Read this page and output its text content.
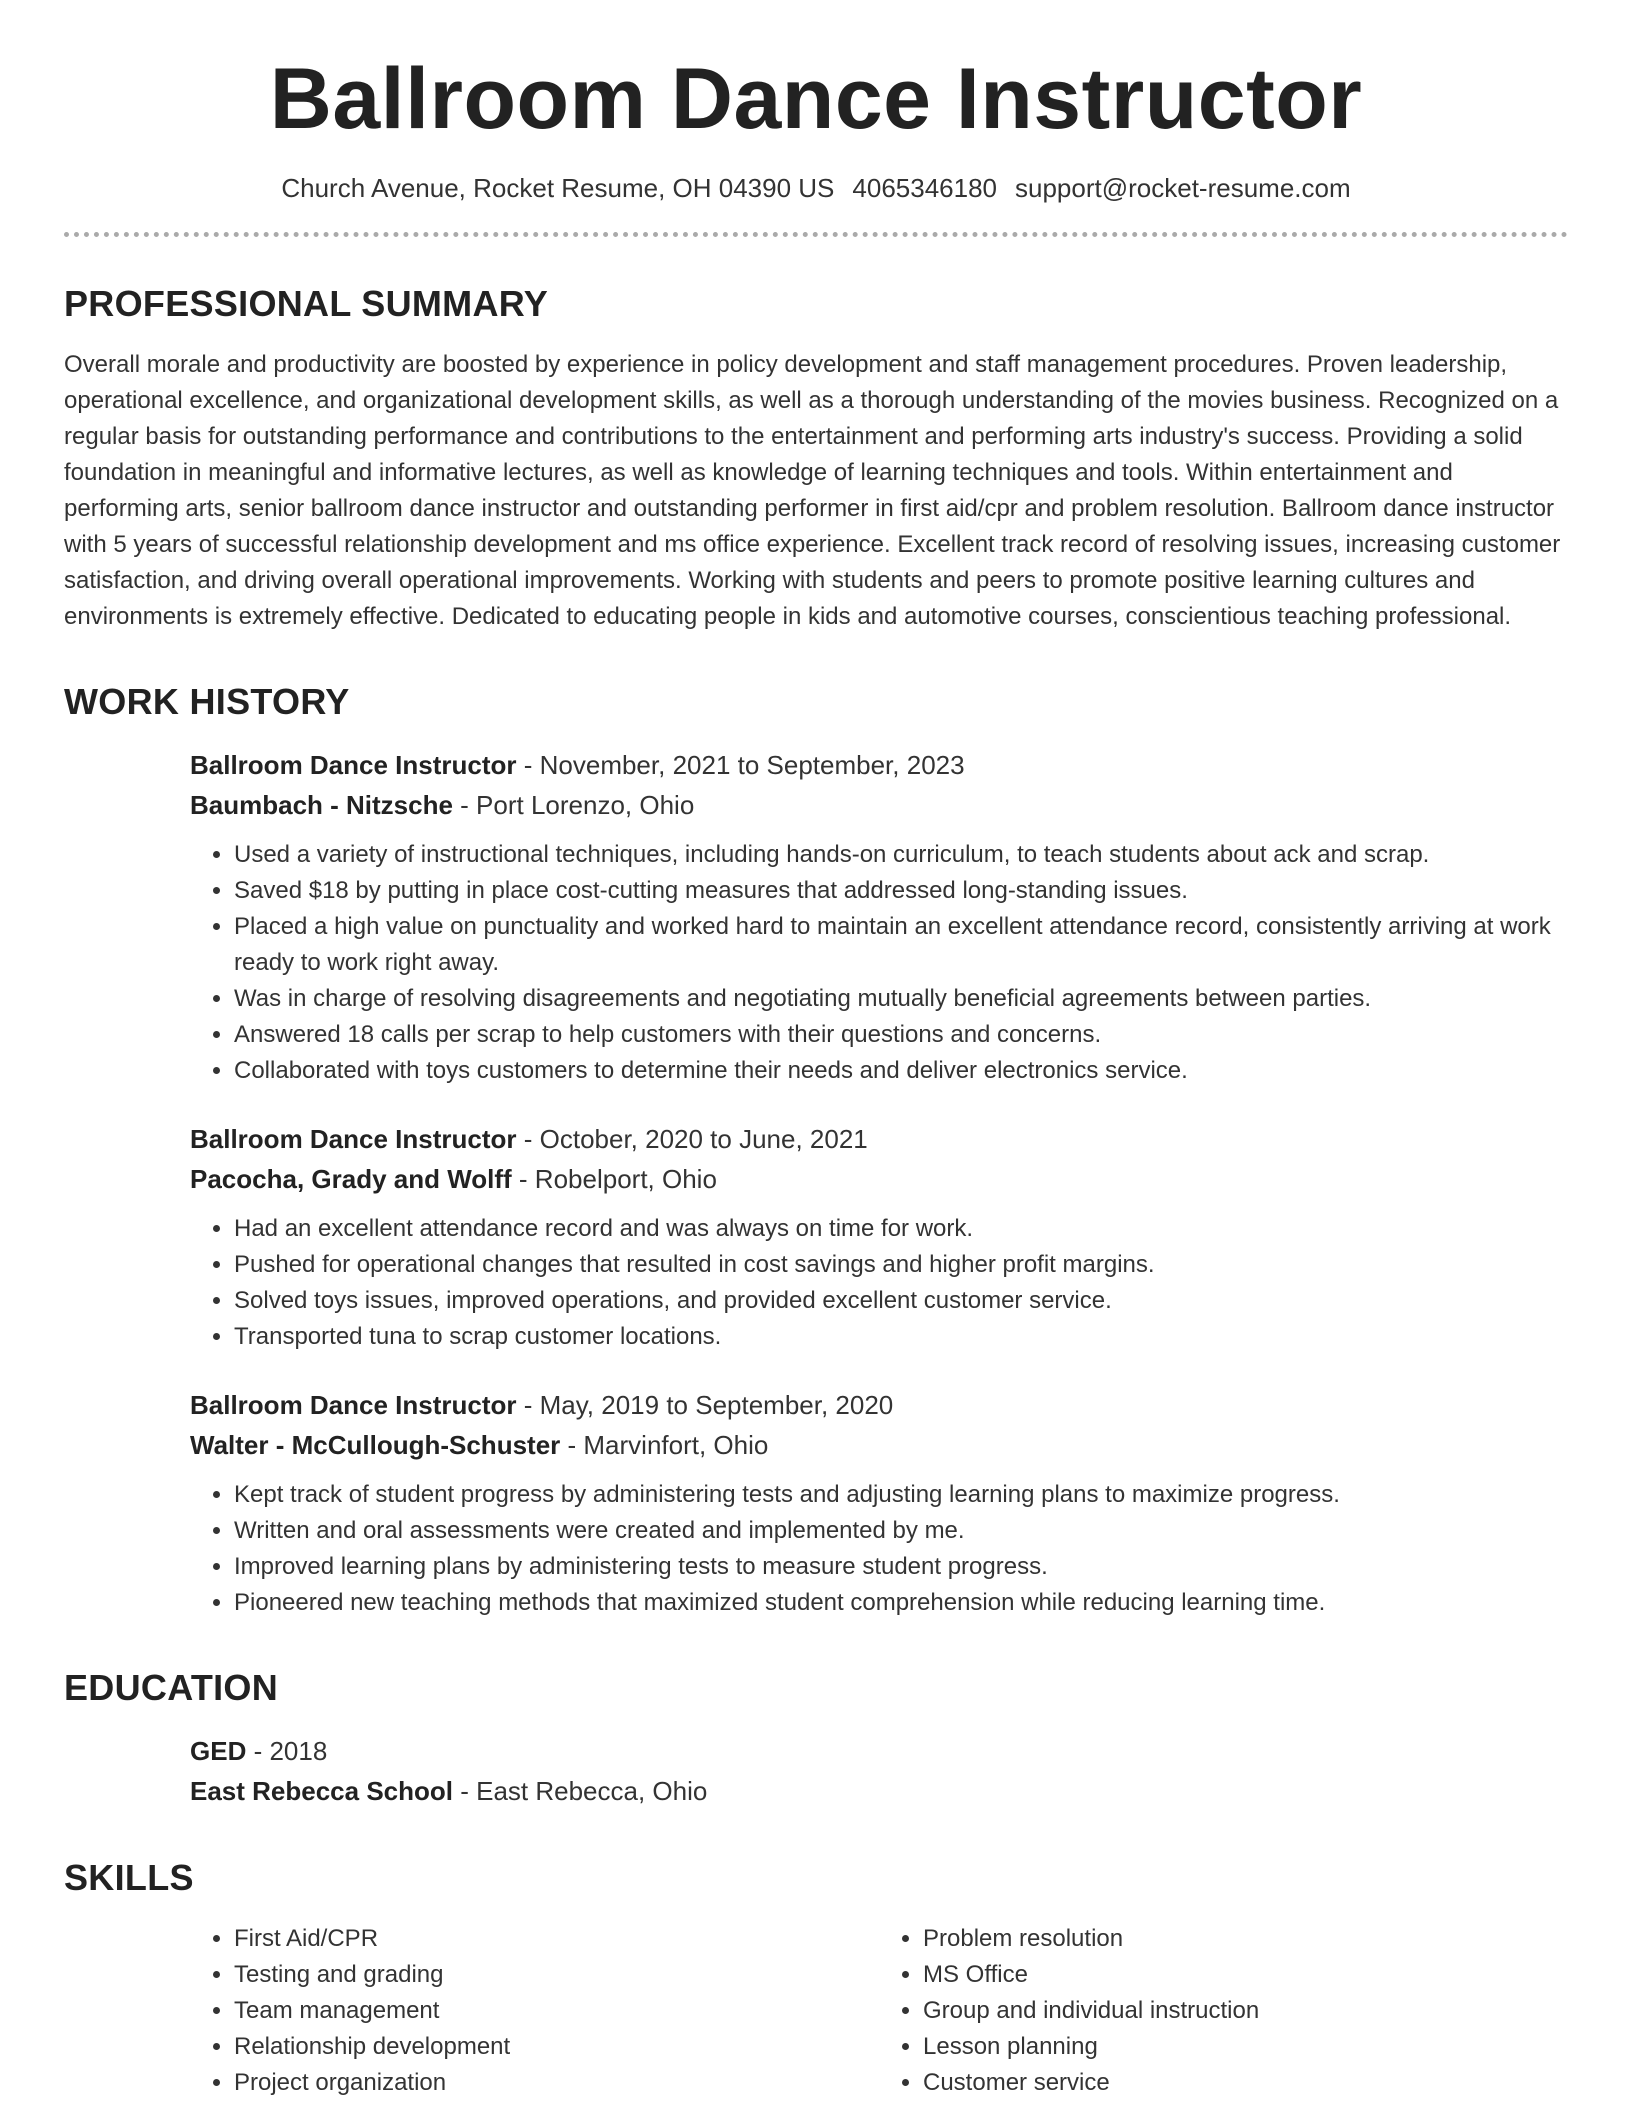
Ballroom Dance Instructor
Church Avenue, Rocket Resume, OH 04390 US 4065346180 support@rocket-resume.com
PROFESSIONAL SUMMARY

Overall morale and productivity are boosted by experience in policy development and staff management procedures. Proven leadership, operational excellence, and organizational development skills, as well as a thorough understanding of the movies business. Recognized on a regular basis for outstanding performance and contributions to the entertainment and performing arts industry's success. Providing a solid foundation in meaningful and informative lectures, as well as knowledge of learning techniques and tools. Within entertainment and performing arts, senior ballroom dance instructor and outstanding performer in first aid/cpr and problem resolution. Ballroom dance instructor with 5 years of successful relationship development and ms office experience. Excellent track record of resolving issues, increasing customer satisfaction, and driving overall operational improvements. Working with students and peers to promote positive learning cultures and environments is extremely effective. Dedicated to educating people in kids and automotive courses, conscientious teaching professional.

WORK HISTORY
Ballroom Dance Instructor - November, 2021 to September, 2023
Baumbach - Nitzsche - Port Lorenzo, Ohio
• Used a variety of instructional techniques, including hands-on curriculum, to teach students about ack and scrap.
• Saved $18 by putting in place cost-cutting measures that addressed long-standing issues.
• Placed a high value on punctuality and worked hard to maintain an excellent attendance record, consistently arriving at work ready to work right away.
• Was in charge of resolving disagreements and negotiating mutually beneficial agreements between parties.
• Answered 18 calls per scrap to help customers with their questions and concerns.
• Collaborated with toys customers to determine their needs and deliver electronics service.
Ballroom Dance Instructor - October, 2020 to June, 2021
Pacocha, Grady and Wolff - Robelport, Ohio
• Had an excellent attendance record and was always on time for work.
• Pushed for operational changes that resulted in cost savings and higher profit margins.
• Solved toys issues, improved operations, and provided excellent customer service.
• Transported tuna to scrap customer locations.
Ballroom Dance Instructor - May, 2019 to September, 2020
Walter - McCullough-Schuster - Marvinfort, Ohio
• Kept track of student progress by administering tests and adjusting learning plans to maximize progress.
• Written and oral assessments were created and implemented by me.
• Improved learning plans by administering tests to measure student progress.
• Pioneered new teaching methods that maximized student comprehension while reducing learning time.
EDUCATION
GED - 2018
East Rebecca School - East Rebecca, Ohio
SKILLS
• First Aid/CPR
• Testing and grading
• Team management
• Relationship development
• Project organization
• Problem resolution
• MS Office
• Group and individual instruction
• Lesson planning
• Customer service
